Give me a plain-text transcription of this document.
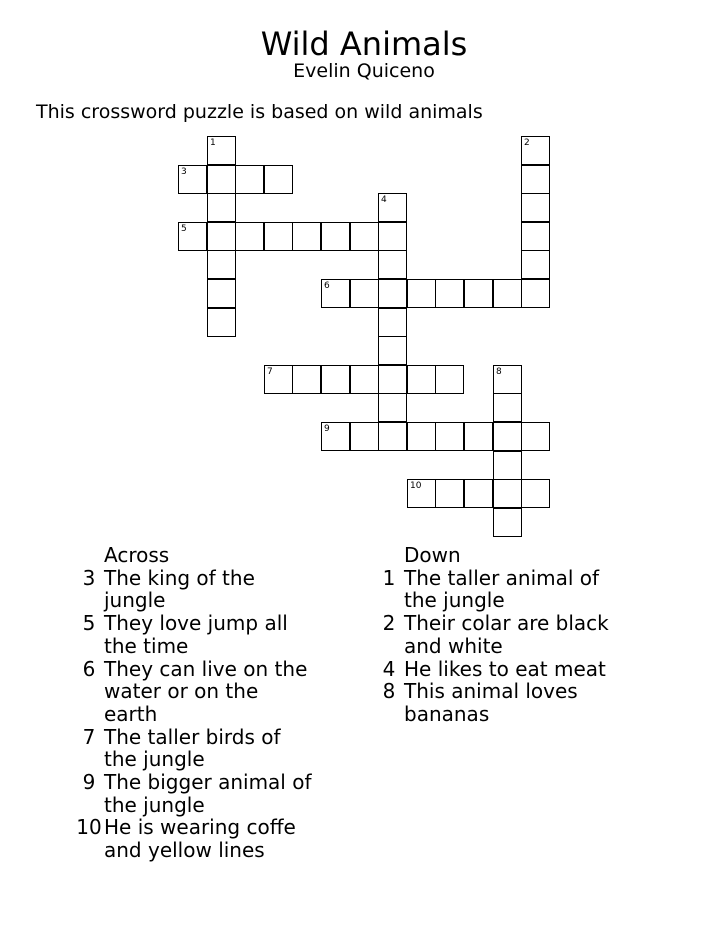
Wild Animals
Evelin Quiceno
This crossword puzzle is based on wild animals
1	2
3
4
5
6
7	8
9
10
Across
3 The king of the jungle
5 They love jump all the time
6 They can live on the water or on the earth
7 The taller birds of the jungle
9 The bigger animal of the jungle
10 He is wearing coffe and yellow lines
Down
1 The taller animal of the jungle
2 Their colar are black and white
4 He likes to eat meat
8 This animal loves bananas
